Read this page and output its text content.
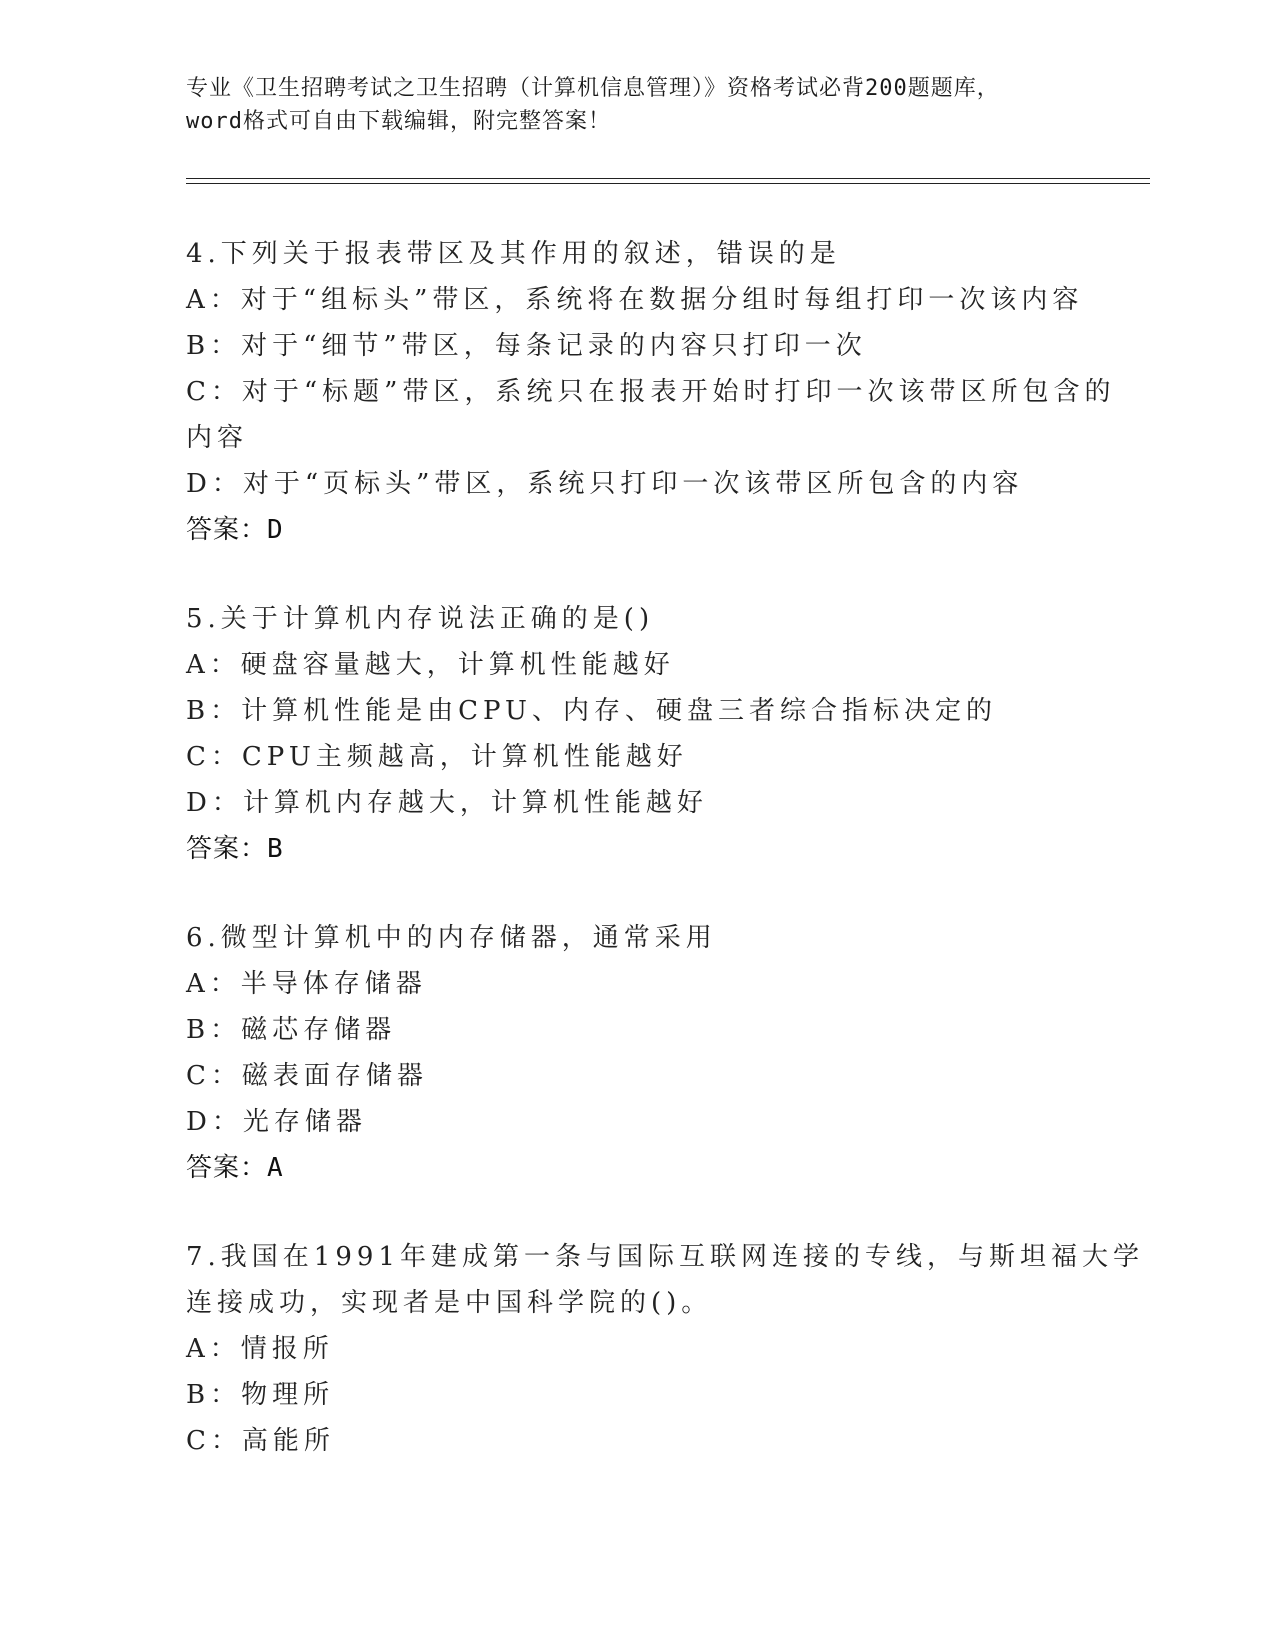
专业《卫生招聘考试之卫生招聘（计算机信息管理）》资格考试必背200题题库，
word格式可自由下载编辑，附完整答案！
4.下列关于报表带区及其作用的叙述，错误的是
A：对于“组标头”带区，系统将在数据分组时每组打印一次该内容
B：对于“细节”带区，每条记录的内容只打印一次
C：对于“标题”带区，系统只在报表开始时打印一次该带区所包含的
内容
D：对于“页标头”带区，系统只打印一次该带区所包含的内容
答案：D
5.关于计算机内存说法正确的是()
A：硬盘容量越大，计算机性能越好
B：计算机性能是由CPU、内存、硬盘三者综合指标决定的
C：CPU主频越高，计算机性能越好
D：计算机内存越大，计算机性能越好
答案：B
6.微型计算机中的内存储器，通常采用
A：半导体存储器
B：磁芯存储器
C：磁表面存储器
D：光存储器
答案：A
7.我国在1991年建成第一条与国际互联网连接的专线，与斯坦福大学
连接成功，实现者是中国科学院的()。
A：情报所
B：物理所
C：高能所
